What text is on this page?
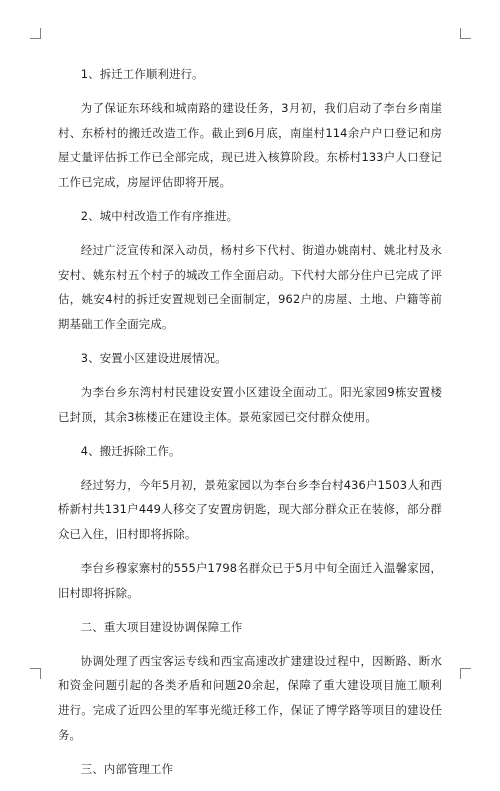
1、拆迁工作顺利进行。

为了保证东环线和城南路的建设任务，3月初，我们启动了李台乡南崖村、东桥村的搬迁改造工作。截止到6月底，南崖村114余户户口登记和房屋丈量评估拆工作已全部完成，现已进入核算阶段。东桥村133户人口登记工作已完成，房屋评估即将开展。

2、城中村改造工作有序推进。

经过广泛宣传和深入动员，杨村乡下代村、街道办姚南村、姚北村及永安村、姚东村五个村子的城改工作全面启动。下代村大部分住户已完成了评估，姚安4村的拆迁安置规划已全面制定，962户的房屋、土地、户籍等前期基础工作全面完成。

3、安置小区建设进展情况。

为李台乡东湾村村民建设安置小区建设全面动工。阳光家园9栋安置楼已封顶，其余3栋楼正在建设主体。景苑家园已交付群众使用。

4、搬迁拆除工作。

经过努力，今年5月初，景苑家园以为李台乡李台村436户1503人和西桥新村共131户449人移交了安置房钥匙，现大部分群众正在装修，部分群众已入住，旧村即将拆除。

李台乡穆家寨村的555户1798名群众已于5月中旬全面迁入温馨家园，旧村即将拆除。

二、重大项目建设协调保障工作

协调处理了西宝客运专线和西宝高速改扩建建设过程中，因断路、断水和资金问题引起的各类矛盾和问题20余起，保障了重大建设项目施工顺利进行。完成了近四公里的军事光缆迁移工作，保证了博学路等项目的建设任务。

三、内部管理工作
